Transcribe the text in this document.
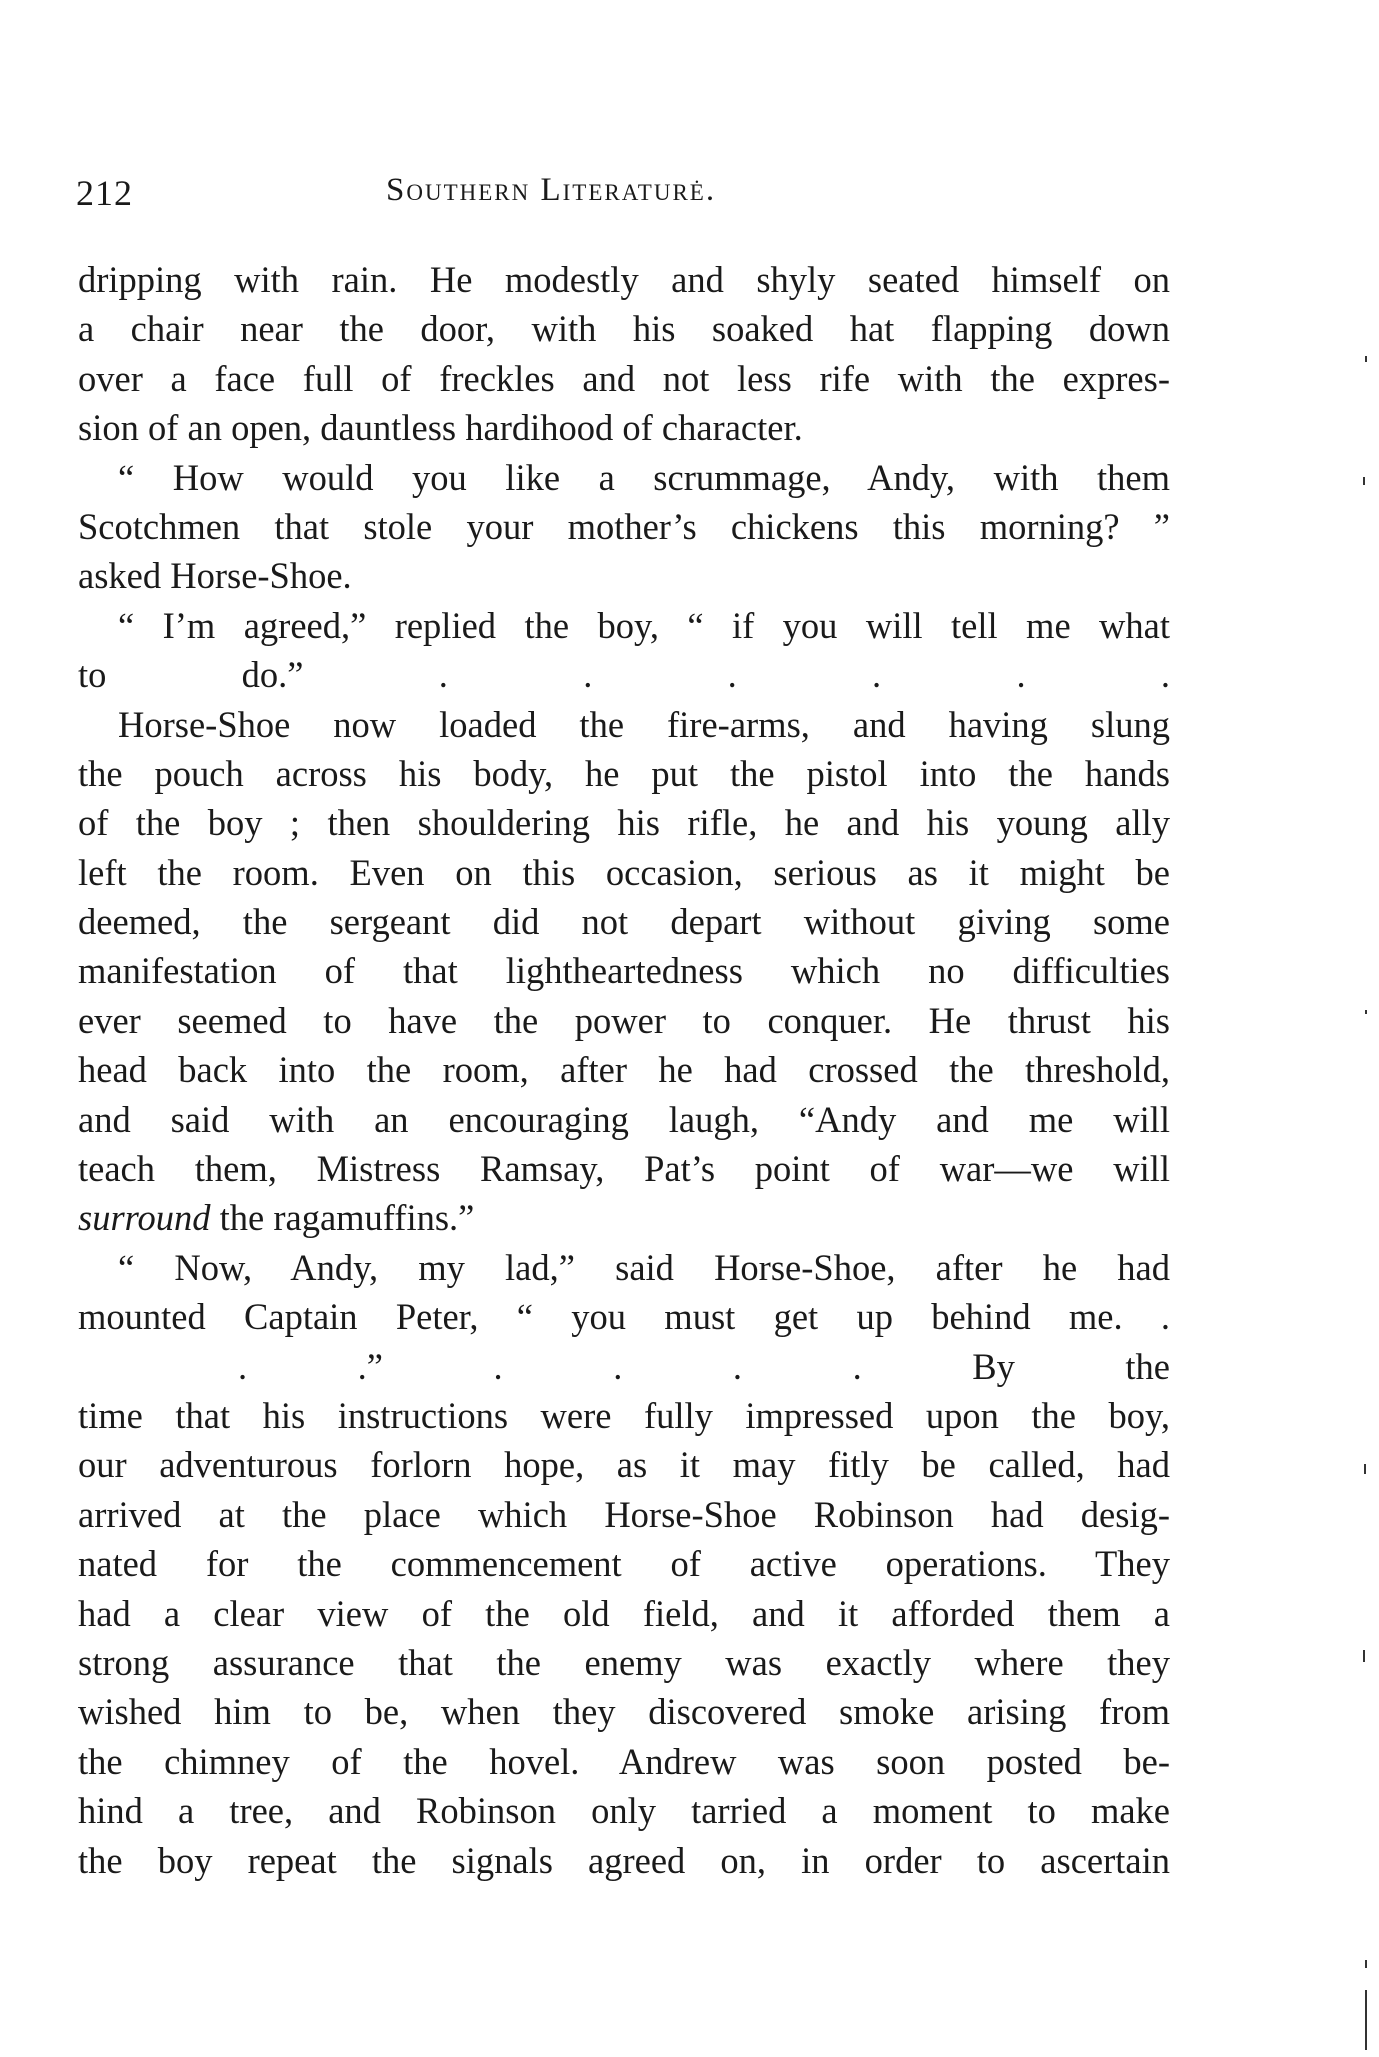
212	Southern Literaturė.
dripping with rain. He modestly and shyly seated himself on
a chair near the door, with his soaked hat flapping down
over a face full of freckles and not less rife with the expres-
sion of an open, dauntless hardihood of character.
“ How would you like a scrummage, Andy, with them
Scotchmen that stole your mother’s chickens this morning? ”
asked Horse-Shoe.
“ I’m agreed,” replied the boy, “ if you will tell me what
to do.” . . . . . .
Horse-Shoe now loaded the fire-arms, and having slung
the pouch across his body, he put the pistol into the hands
of the boy ; then shouldering his rifle, he and his young ally
left the room. Even on this occasion, serious as it might be
deemed, the sergeant did not depart without giving some
manifestation of that lightheartedness which no difficulties
ever seemed to have the power to conquer. He thrust his
head back into the room, after he had crossed the threshold,
and said with an encouraging laugh, “Andy and me will
teach them, Mistress Ramsay, Pat’s point of war—we will
surround the ragamuffins.”
“ Now, Andy, my lad,” said Horse-Shoe, after he had
mounted Captain Peter, “ you must get up behind me. .
. .” . . . . By the
time that his instructions were fully impressed upon the boy,
our adventurous forlorn hope, as it may fitly be called, had
arrived at the place which Horse-Shoe Robinson had desig-
nated for the commencement of active operations. They
had a clear view of the old field, and it afforded them a
strong assurance that the enemy was exactly where they
wished him to be, when they discovered smoke arising from
the chimney of the hovel. Andrew was soon posted be-
hind a tree, and Robinson only tarried a moment to make
the boy repeat the signals agreed on, in order to ascertain
